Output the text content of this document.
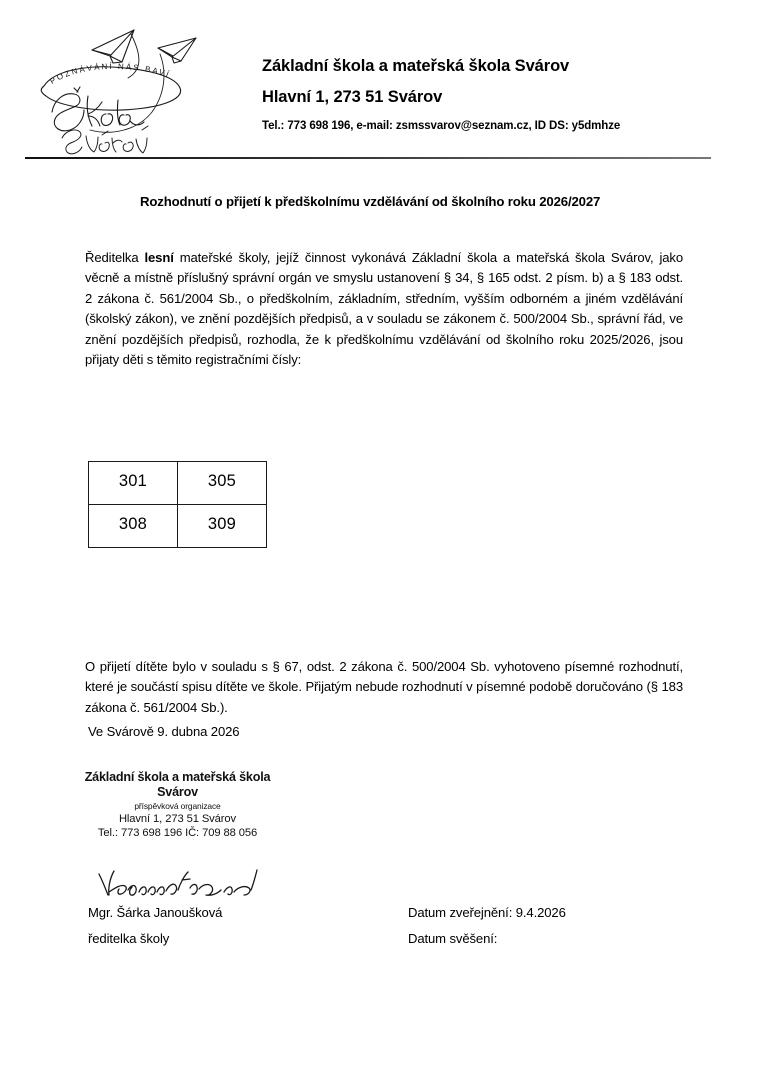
POZNÁVÁNÍ NÁS BAVÍ	Základní škola a mateřská škola Svárov
Hlavní 1, 273 51 Svárov
Tel.: 773 698 196, e-mail: zsmssvarov@seznam.cz, ID DS: y5dmhze
Rozhodnutí o přijetí k předškolnímu vzdělávání od školního roku 2026/2027
Ředitelka lesní mateřské školy, jejíž činnost vykonává Základní škola a mateřská škola Svárov, jako věcně a místně příslušný správní orgán ve smyslu ustanovení § 34, § 165 odst. 2 písm. b) a § 183 odst. 2 zákona č. 561/2004 Sb., o předškolním, základním, středním, vyšším odborném a jiném vzdělávání (školský zákon), ve znění pozdějších předpisů, a v souladu se zákonem č. 500/2004 Sb., správní řád, ve znění pozdějších předpisů, rozhodla, že k předškolnímu vzdělávání od školního roku 2025/2026, jsou přijaty děti s těmito registračními čísly:
301	305
308	309
O přijetí dítěte bylo v souladu s § 67, odst. 2 zákona č. 500/2004 Sb. vyhotoveno písemné rozhodnutí, které je součástí spisu dítěte ve škole. Přijatým nebude rozhodnutí v písemné podobě doručováno (§ 183 zákona č. 561/2004 Sb.).
Ve Svárově 9. dubna 2026
Základní škola a mateřská škola
Svárov
příspěvková organizace
Hlavní 1, 273 51 Svárov
Tel.: 773 698 196 IČ: 709 88 056
Mgr. Šárka Janoušková
ředitelka školy
Datum zveřejnění: 9.4.2026
Datum svěšení:
